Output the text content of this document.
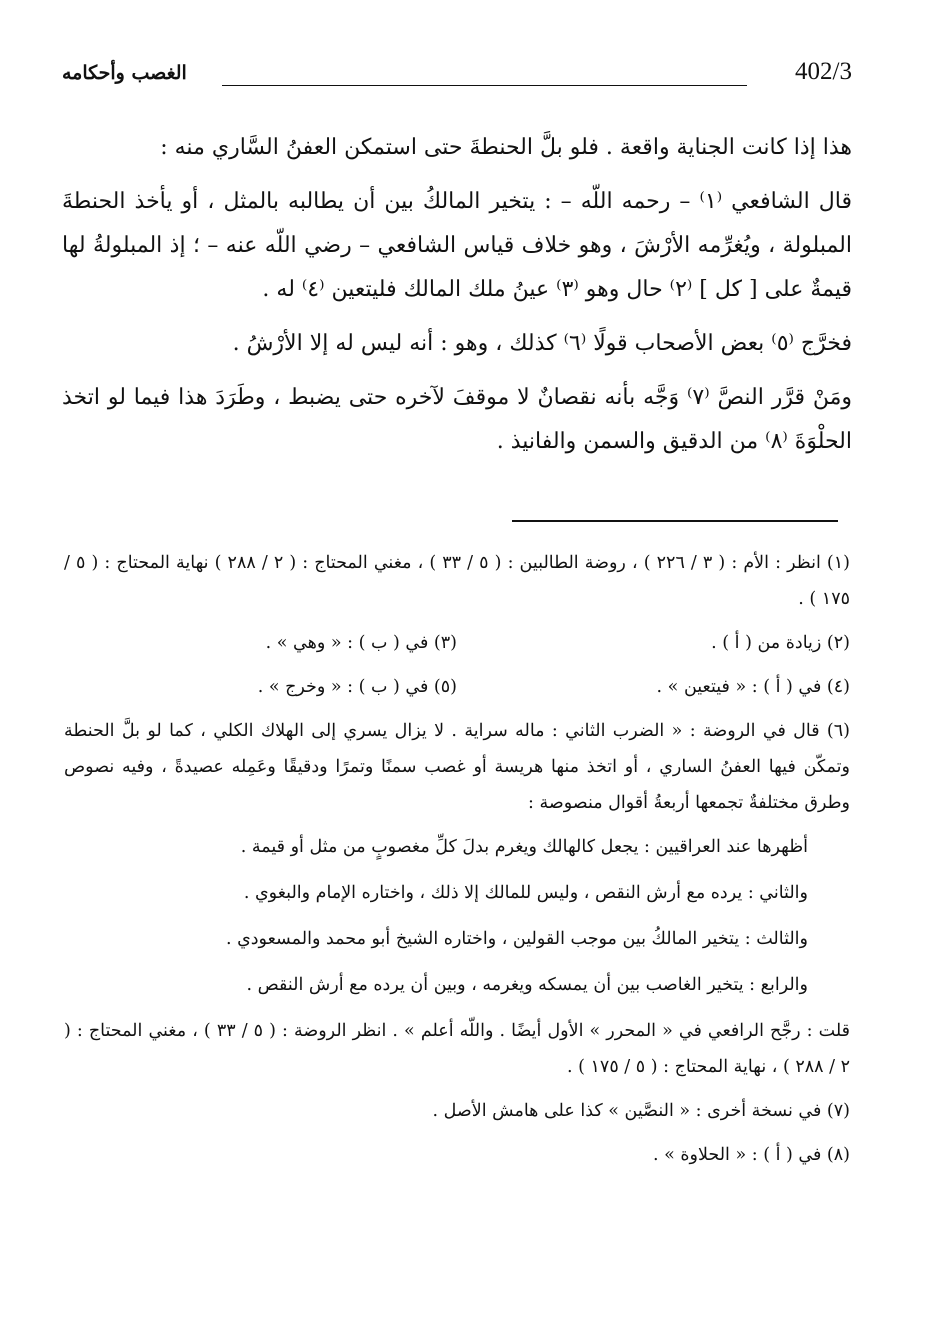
402/3
الغصب وأحكامه

هذا إذا كانت الجناية واقعة . فلو بلَّ الحنطةَ حتى استمكن العفنُ السَّاري منه :

قال الشافعي ⁽١⁾ – رحمه اللّه – : يتخير المالكُ بين أن يطالبه بالمثل ، أو يأخذ الحنطةَ المبلولة ، ويُغرِّمه الأرْشَ ، وهو خلاف قياس الشافعي – رضي اللّه عنه – ؛ إذ المبلولةُ لها قيمةٌ على [ كل ] ⁽٢⁾ حال وهو ⁽٣⁾ عينُ ملك المالك فليتعين ⁽٤⁾ له .

فخرَّج ⁽٥⁾ بعض الأصحاب قولًا ⁽٦⁾ كذلك ، وهو : أنه ليس له إلا الأرْشُ .

ومَنْ قرَّر النصَّ ⁽٧⁾ وَجَّه بأنه نقصانٌ لا موقفَ لآخره حتى يضبط ، وطَرَدَ هذا فيما لو اتخذ الحلْوَةَ ⁽٨⁾ من الدقيق والسمن والفانيذ .

(١) انظر : الأم : ( ٣ / ٢٢٦ ) ، روضة الطالبين : ( ٥ / ٣٣ ) ، مغني المحتاج : ( ٢ / ٢٨٨ ) نهاية المحتاج : ( ٥ / ١٧٥ ) .

(٢) زيادة من ( أ ) .
(٣) في ( ب ) : « وهي » .
(٤) في ( أ ) : « فيتعين » .
(٥) في ( ب ) : « وخرج » .

(٦) قال في الروضة : « الضرب الثاني : ماله سراية . لا يزال يسري إلى الهلاك الكلي ، كما لو بلَّ الحنطة وتمكّن فيها العفنُ الساري ، أو اتخذ منها هريسة أو غصب سمنًا وتمرًا ودقيقًا وعَمِله عصيدةً ، وفيه نصوص وطرق مختلفةٌ تجمعها أربعةُ أقوال منصوصة :

أظهرها عند العراقيين : يجعل كالهالك ويغرم بدلَ كلِّ مغصوبٍ من مثل أو قيمة .

والثاني : يرده مع أرش النقص ، وليس للمالك إلا ذلك ، واختاره الإمام والبغوي .

والثالث : يتخير المالكُ بين موجب القولين ، واختاره الشيخ أبو محمد والمسعودي .

والرابع : يتخير الغاصب بين أن يمسكه ويغرمه ، وبين أن يرده مع أرش النقص .

قلت : رجَّح الرافعي في « المحرر » الأول أيضًا . واللّه أعلم » . انظر الروضة : ( ٥ / ٣٣ ) ، مغني المحتاج : ( ٢ / ٢٨٨ ) ، نهاية المحتاج : ( ٥ / ١٧٥ ) .

(٧) في نسخة أخرى : « النصَّين » كذا على هامش الأصل .

(٨) في ( أ ) : « الحلاوة » .
